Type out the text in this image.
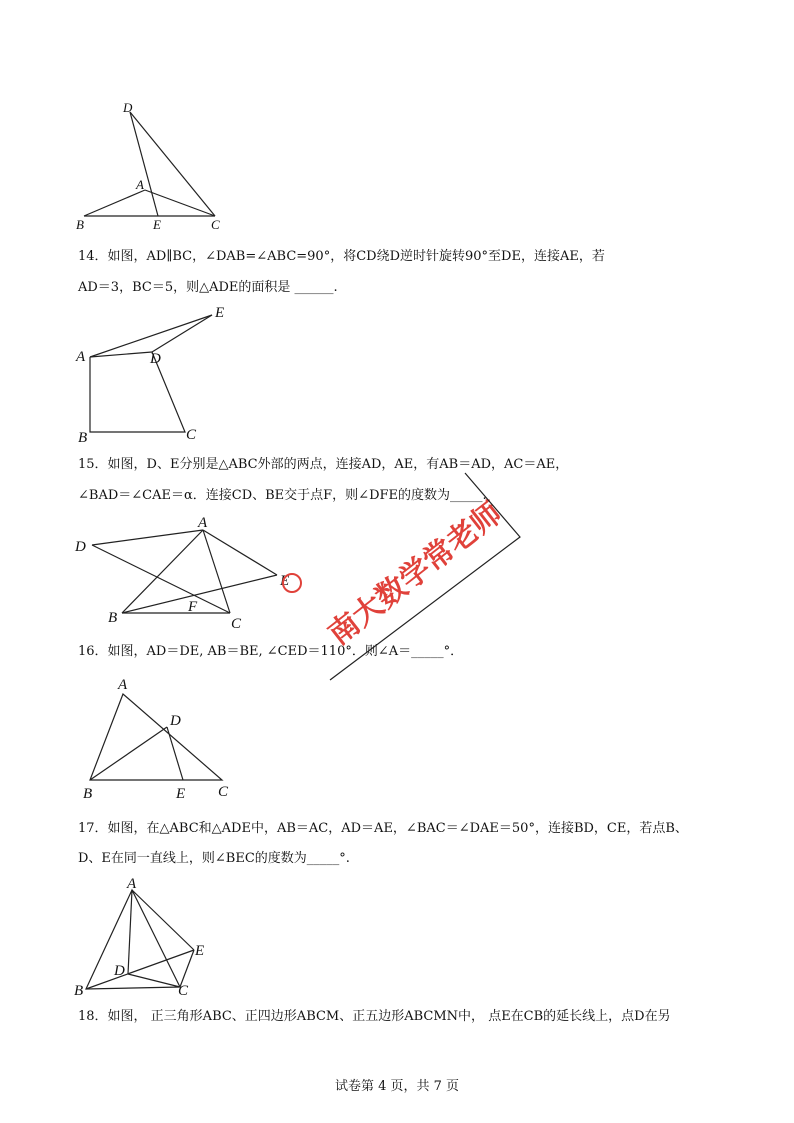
D
A
B	E	C
14．如图，AD∥BC，∠DAB=∠ABC=90°，将CD绕D逆时针旋转90°至DE，连接AE，若
AD＝3，BC＝5，则△ADE的面积是 ______.
E
A	D
B	C
15．如图，D、E分别是△ABC外部的两点，连接AD，AE，有AB＝AD，AC＝AE，
∠BAD＝∠CAE＝α．连接CD、BE交于点F，则∠DFE的度数为_____.
D
A
E
B
F
C
16．如图，AD＝DE, AB＝BE, ∠CED＝110°．则∠A＝_____°．
A
D
B	E C
17．如图，在△ABC和△ADE中，AB＝AC，AD＝AE，∠BAC＝∠DAE＝50°，连接BD，CE，若点B、
D、E在同一直线上，则∠BEC的度数为_____°.
A
E
D
B	C
18．如图， 正三角形ABC、正四边形ABCM、正五边形ABCMN中， 点E在CB的延长线上，点D在另
南大数学常老师
试卷第 4 页，共 7 页
